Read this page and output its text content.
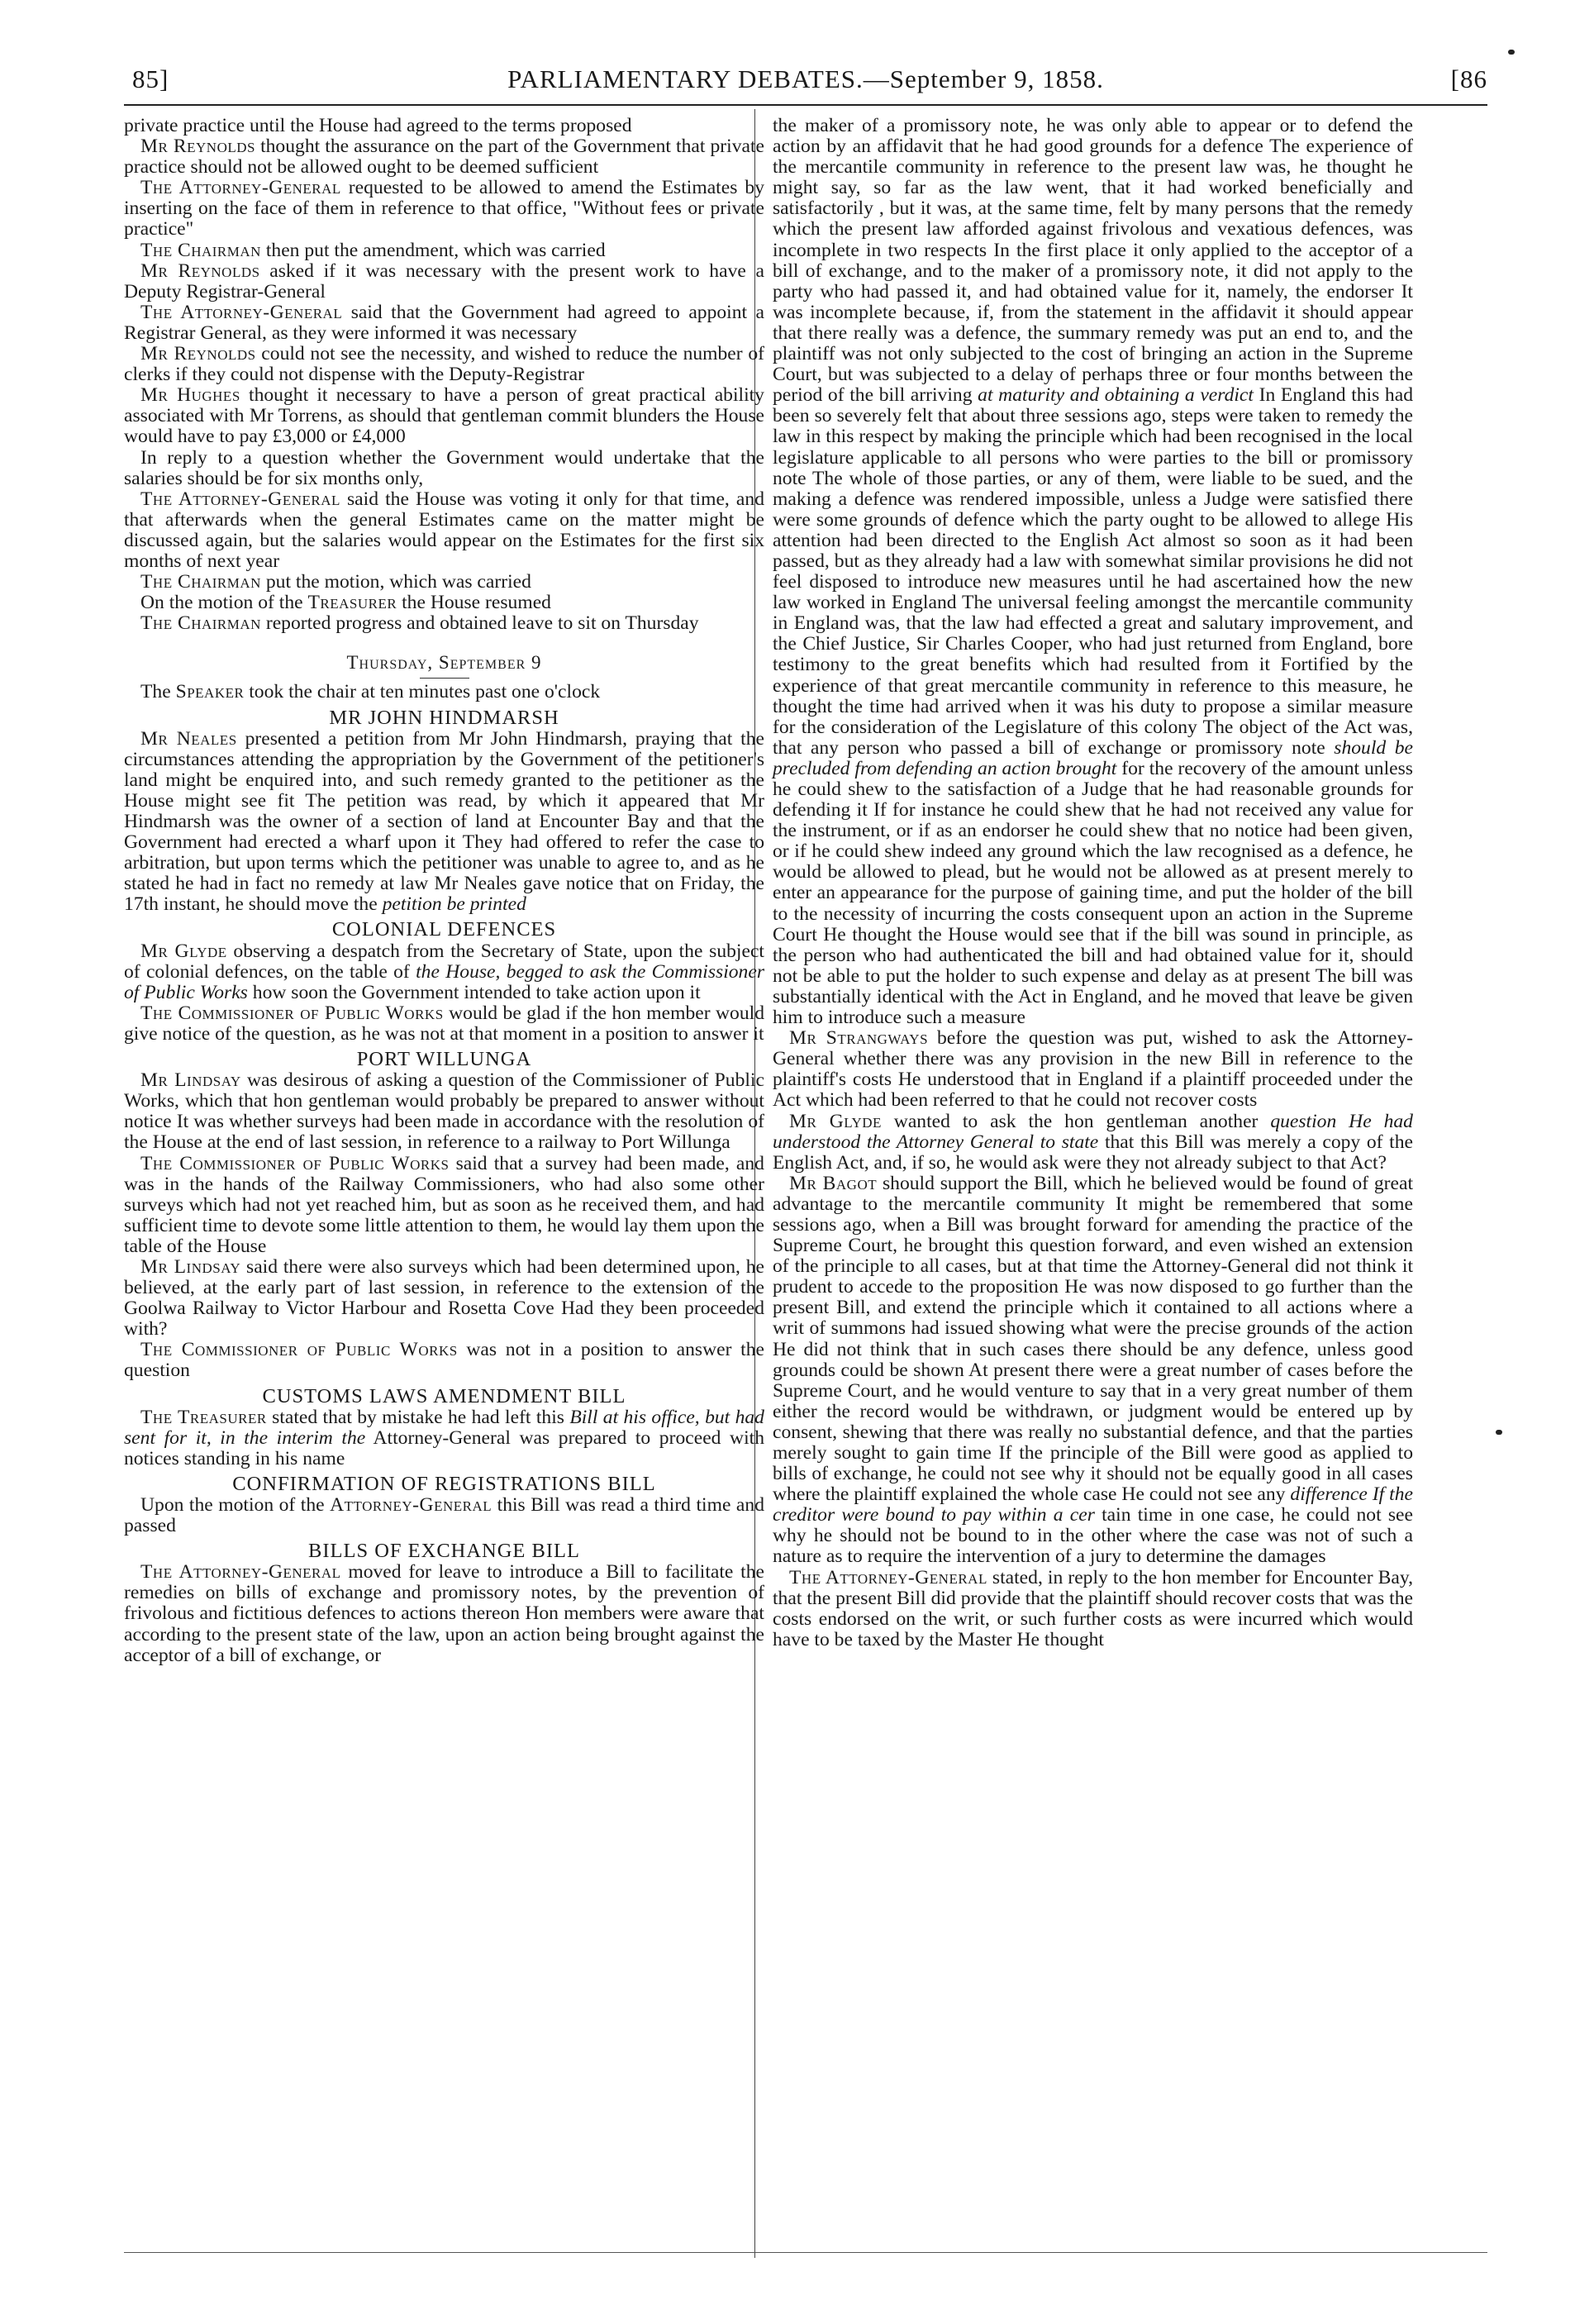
85]	PARLIAMENTARY DEBATES.—September 9, 1858.	[86

private practice until the House had agreed to the terms proposed

Mr Reynolds thought the assurance on the part of the Government that private practice should not be allowed ought to be deemed sufficient

The Attorney-General requested to be allowed to amend the Estimates by inserting on the face of them in reference to that office, "Without fees or private practice"

The Chairman then put the amendment, which was carried

Mr Reynolds asked if it was necessary with the present work to have a Deputy Registrar-General

The Attorney-General said that the Government had agreed to appoint a Registrar General, as they were informed it was necessary

Mr Reynolds could not see the necessity, and wished to reduce the number of clerks if they could not dispense with the Deputy-Registrar

Mr Hughes thought it necessary to have a person of great practical ability associated with Mr Torrens, as should that gentleman commit blunders the House would have to pay £3,000 or £4,000

In reply to a question whether the Government would undertake that the salaries should be for six months only,

The Attorney-General said the House was voting it only for that time, and that afterwards when the general Estimates came on the matter might be discussed again, but the salaries would appear on the Estimates for the first six months of next year

The Chairman put the motion, which was carried

On the motion of the Treasurer the House resumed

The Chairman reported progress and obtained leave to sit on Thursday

Thursday, September 9

The Speaker took the chair at ten minutes past one o'clock

MR JOHN HINDMARSH

Mr Neales presented a petition from Mr John Hindmarsh, praying that the circumstances attending the appropriation by the Government of the petitioner's land might be enquired into, and such remedy granted to the petitioner as the House might see fit The petition was read, by which it appeared that Mr Hindmarsh was the owner of a section of land at Encounter Bay and that the Government had erected a wharf upon it They had offered to refer the case to arbitration, but upon terms which the petitioner was unable to agree to, and as he stated he had in fact no remedy at law Mr Neales gave notice that on Friday, the 17th instant, he should move the petition be printed

COLONIAL DEFENCES

Mr Glyde observing a despatch from the Secretary of State, upon the subject of colonial defences, on the table of the House, begged to ask the Commissioner of Public Works how soon the Government intended to take action upon it

The Commissioner of Public Works would be glad if the hon member would give notice of the question, as he was not at that moment in a position to answer it

PORT WILLUNGA

Mr Lindsay was desirous of asking a question of the Commissioner of Public Works, which that hon gentleman would probably be prepared to answer without notice It was whether surveys had been made in accordance with the resolution of the House at the end of last session, in reference to a railway to Port Willunga

The Commissioner of Public Works said that a survey had been made, and was in the hands of the Railway Commissioners, who had also some other surveys which had not yet reached him, but as soon as he received them, and had sufficient time to devote some little attention to them, he would lay them upon the table of the House

Mr Lindsay said there were also surveys which had been determined upon, he believed, at the early part of last session, in reference to the extension of the Goolwa Railway to Victor Harbour and Rosetta Cove Had they been proceeded with?

The Commissioner of Public Works was not in a position to answer the question

CUSTOMS LAWS AMENDMENT BILL

The Treasurer stated that by mistake he had left this Bill at his office, but had sent for it, in the interim the Attorney-General was prepared to proceed with notices standing in his name

CONFIRMATION OF REGISTRATIONS BILL

Upon the motion of the Attorney-General this Bill was read a third time and passed

BILLS OF EXCHANGE BILL

The Attorney-General moved for leave to introduce a Bill to facilitate the remedies on bills of exchange and promissory notes, by the prevention of frivolous and fictitious defences to actions thereon Hon members were aware that according to the present state of the law, upon an action being brought against the acceptor of a bill of exchange, or

the maker of a promissory note, he was only able to appear or to defend the action by an affidavit that he had good grounds for a defence The experience of the mercantile community in reference to the present law was, he thought he might say, so far as the law went, that it had worked beneficially and satisfactorily , but it was, at the same time, felt by many persons that the remedy which the present law afforded against frivolous and vexatious defences, was incomplete in two respects In the first place it only applied to the acceptor of a bill of exchange, and to the maker of a promissory note, it did not apply to the party who had passed it, and had obtained value for it, namely, the endorser It was incomplete because, if, from the statement in the affidavit it should appear that there really was a defence, the summary remedy was put an end to, and the plaintiff was not only subjected to the cost of bringing an action in the Supreme Court, but was subjected to a delay of perhaps three or four months between the period of the bill arriving at maturity and obtaining a verdict In England this had been so severely felt that about three sessions ago, steps were taken to remedy the law in this respect by making the principle which had been recognised in the local legislature applicable to all persons who were parties to the bill or promissory note The whole of those parties, or any of them, were liable to be sued, and the making a defence was rendered impossible, unless a Judge were satisfied there were some grounds of defence which the party ought to be allowed to allege His attention had been directed to the English Act almost so soon as it had been passed, but as they already had a law with somewhat similar provisions he did not feel disposed to introduce new measures until he had ascertained how the new law worked in England The universal feeling amongst the mercantile community in England was, that the law had effected a great and salutary improvement, and the Chief Justice, Sir Charles Cooper, who had just returned from England, bore testimony to the great benefits which had resulted from it Fortified by the experience of that great mercantile community in reference to this measure, he thought the time had arrived when it was his duty to propose a similar measure for the consideration of the Legislature of this colony The object of the Act was, that any person who passed a bill of exchange or promissory note should be precluded from defending an action brought for the recovery of the amount unless he could shew to the satisfaction of a Judge that he had reasonable grounds for defending it If for instance he could shew that he had not received any value for the instrument, or if as an endorser he could shew that no notice had been given, or if he could shew indeed any ground which the law recognised as a defence, he would be allowed to plead, but he would not be allowed as at present merely to enter an appearance for the purpose of gaining time, and put the holder of the bill to the necessity of incurring the costs consequent upon an action in the Supreme Court He thought the House would see that if the bill was sound in principle, as the person who had authenticated the bill and had obtained value for it, should not be able to put the holder to such expense and delay as at present The bill was substantially identical with the Act in England, and he moved that leave be given him to introduce such a measure

Mr Strangways before the question was put, wished to ask the Attorney-General whether there was any provision in the new Bill in reference to the plaintiff's costs He understood that in England if a plaintiff proceeded under the Act which had been referred to that he could not recover costs

Mr Glyde wanted to ask the hon gentleman another question He had understood the Attorney General to state that this Bill was merely a copy of the English Act, and, if so, he would ask were they not already subject to that Act?

Mr Bagot should support the Bill, which he believed would be found of great advantage to the mercantile community It might be remembered that some sessions ago, when a Bill was brought forward for amending the practice of the Supreme Court, he brought this question forward, and even wished an extension of the principle to all cases, but at that time the Attorney-General did not think it prudent to accede to the proposition He was now disposed to go further than the present Bill, and extend the principle which it contained to all actions where a writ of summons had issued showing what were the precise grounds of the action He did not think that in such cases there should be any defence, unless good grounds could be shown At present there were a great number of cases before the Supreme Court, and he would venture to say that in a very great number of them either the record would be withdrawn, or judgment would be entered up by consent, shewing that there was really no substantial defence, and that the parties merely sought to gain time If the principle of the Bill were good as applied to bills of exchange, he could not see why it should not be equally good in all cases where the plaintiff explained the whole case He could not see any difference If the creditor were bound to pay within a cer tain time in one case, he could not see why he should not be bound to in the other where the case was not of such a nature as to require the intervention of a jury to determine the damages

The Attorney-General stated, in reply to the hon member for Encounter Bay, that the present Bill did provide that the plaintiff should recover costs that was the costs endorsed on the writ, or such further costs as were incurred which would have to be taxed by the Master He thought
